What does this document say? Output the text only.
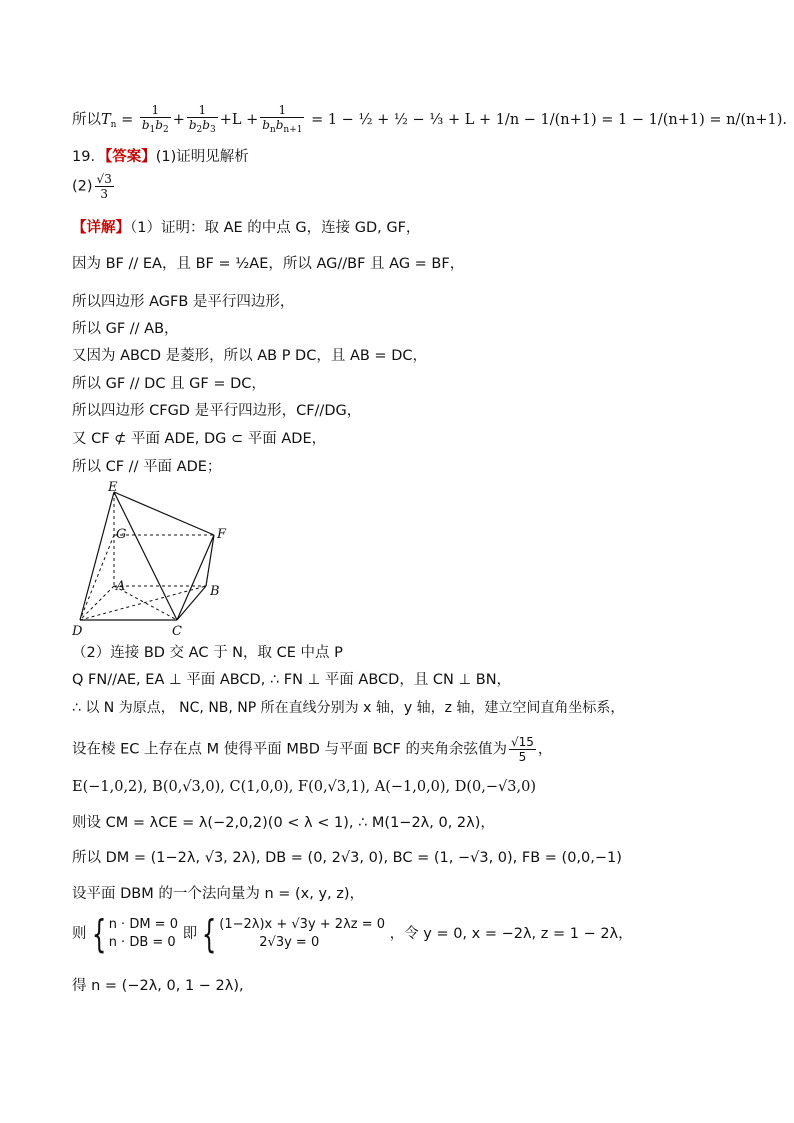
所以$T_n = \frac{1}{b_1b_2} + \frac{1}{b_2b_3} +L + \frac{1}{b_nb_{n+1}} = 1$ − ½ + ½ − ⅓ + L + 1/n − 1/(n+1) = 1 − 1/(n+1) = n/(n+1).
19．【答案】(1)证明见解析
$(2) \frac{√3}{3}$
【详解】（1）证明：取 AE 的中点 G，连接 GD, GF，
因为 BF // EA，且 BF = ½AE，所以 AG//BF 且 AG = BF，
所以四边形 AGFB 是平行四边形，
所以 GF // AB，
又因为 ABCD 是菱形，所以 AB P DC，且 AB = DC，
所以 GF // DC 且 GF = DC，
所以四边形 CFGD 是平行四边形，CF//DG，
又 CF ⊄ 平面 ADE, DG ⊂ 平面 ADE，
所以 CF // 平面 ADE；
E
G	F
A	B
D	C
（2）连接 BD 交 AC 于 N，取 CE 中点 P
Q FN//AE, EA ⊥ 平面 ABCD, ∴ FN ⊥ 平面 ABCD，且 CN ⊥ BN，
∴ 以 N 为原点， NC, NB, NP 所在直线分别为 x 轴，y 轴，z 轴，建立空间直角坐标系，
设在棱 EC 上存在点 M 使得平面 MBD 与平面 BCF 的夹角余弦值为 $\frac{√15}{5}$ ，
E(−1,0,2), B(0,√3,0), C(1,0,0), F(0,√3,1), A(−1,0,0), D(0,−√3,0)
则设 CM = λCE = λ(−2,0,2)(0 < λ < 1), ∴ M(1−2λ, 0, 2λ)，
所以 DM = (1−2λ, √3, 2λ), DB = (0, 2√3, 0), BC = (1, −√3, 0), FB = (0,0,−1)
设平面 DBM 的一个法向量为 n = (x, y, z)，
则 { n · DM = 0
n · DB = 0
即 { (1−2λ)x + √3y + 2λz = 0
2√3y = 0
，令 y = 0, x = −2λ, z = 1 − 2λ，
得 n = (−2λ, 0, 1 − 2λ),
